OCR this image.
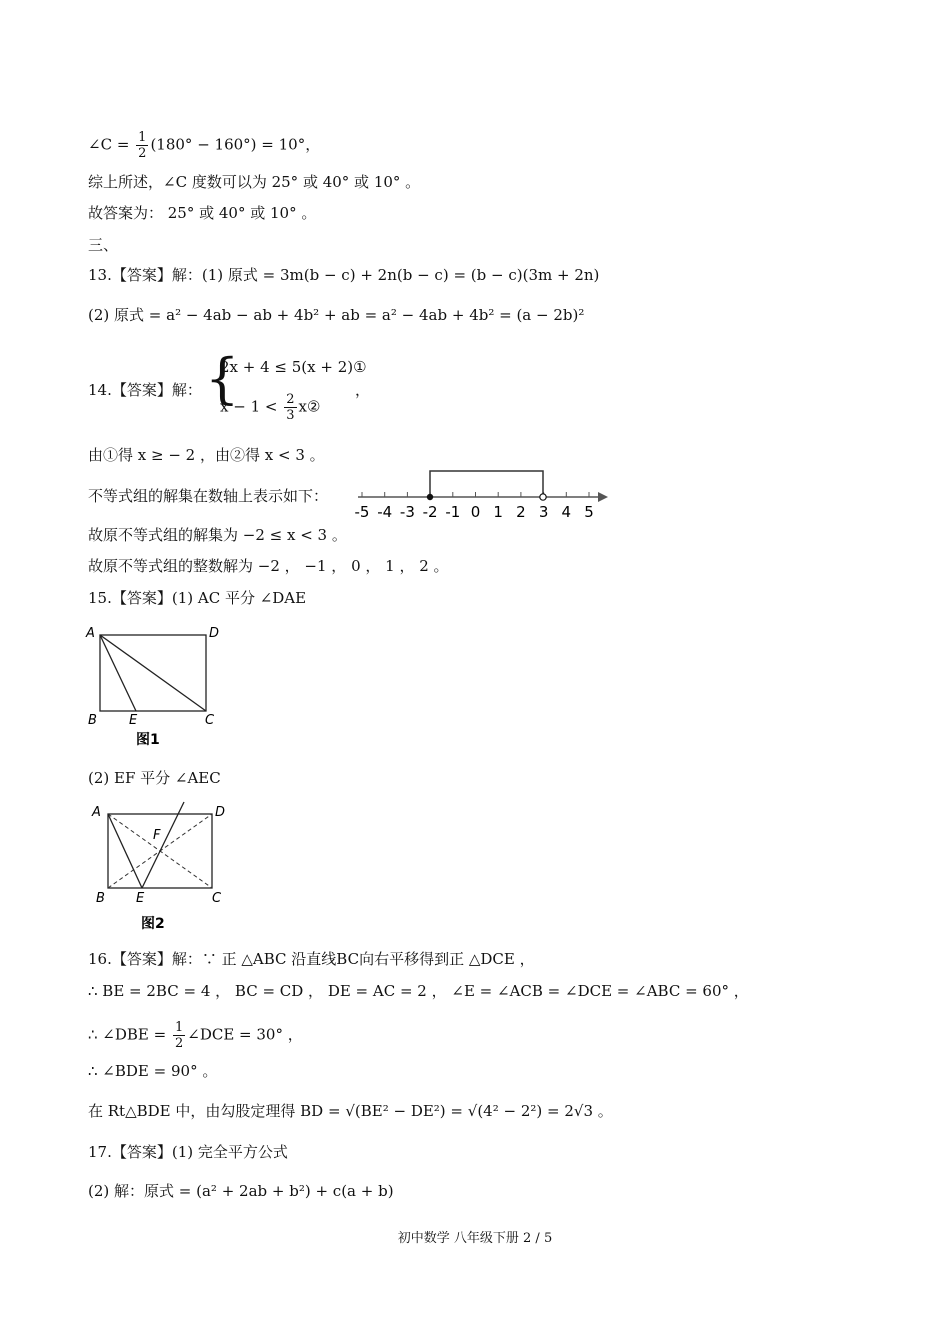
∠C = $\frac{1}{2} (180^\circ - 160^\circ) = 10^\circ$，
综上所述，∠C 度数可以为 25° 或 40° 或 10° 。
故答案为： 25° 或 40° 或 10° 。
三、
13.【答案】解：(1) 原式 = 3m(b − c) + 2n(b − c) = (b − c)(3m + 2n)
(2) 原式 = a² − 4ab − ab + 4b² + ab = a² − 4ab + 4b² = (a − 2b)²
14.【答案】解： {
2x + 4 ≤ 5(x + 2)①
$x - 1 < \frac{2}{3}$ x②
，
由①得 x ≥ − 2 ，由②得 x < 3 。
不等式组的解集在数轴上表示如下：
-5 -4 -3 -2 -1 0 1 2 3 4 5
故原不等式组的解集为 −2 ≤ x < 3 。
故原不等式组的整数解为 −2 ， −1 ， 0 ， 1 ， 2 。
15.【答案】(1) AC 平分 ∠DAE
A	D
B E	C
图1
(2) EF 平分 ∠AEC
A	D
F
B E	C
图2
16.【答案】解：∵ 正 △ABC 沿直线BC向右平移得到正 △DCE ，
∴ BE = 2BC = 4 ， BC = CD ， DE = AC = 2 ， ∠E = ∠ACB = ∠DCE = ∠ABC = 60° ，
∴ ∠DBE = $\frac{1}{2}$ ∠DCE = 30° ，
∴ ∠BDE = 90° 。
在 Rt△BDE 中，由勾股定理得 BD = √(BE² − DE²) = √(4² − 2²) = 2√3 。
17.【答案】(1) 完全平方公式
(2) 解：原式 = (a² + 2ab + b²) + c(a + b)
初中数学 八年级下册 2 / 5
